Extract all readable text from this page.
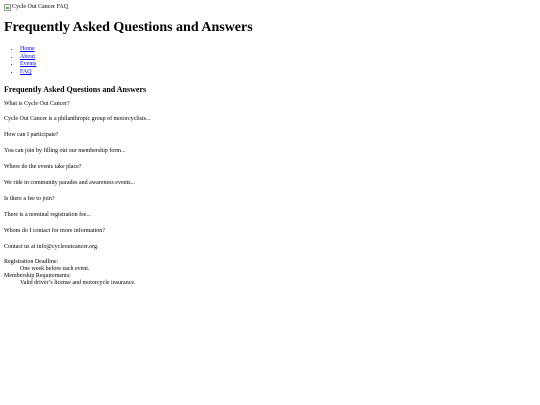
Cycle Out Cancer FAQ
Frequently Asked Questions and Answers
• Home
• About
• Events
• FAQ
Frequently Asked Questions and Answers

What is Cycle Out Cancer?

Cycle Out Cancer is a philanthropic group of motorcyclists...

How can I participate?

You can join by filling out our membership form...

Where do the events take place?

We ride in community parades and awareness events...

Is there a fee to join?

There is a nominal registration fee...

Whom do I contact for more information?

Contact us at info@cycleoutcancer.org.

Registration Deadline:
One week before each event.
Membership Requirements:
Valid driver’s license and motorcycle insurance.
